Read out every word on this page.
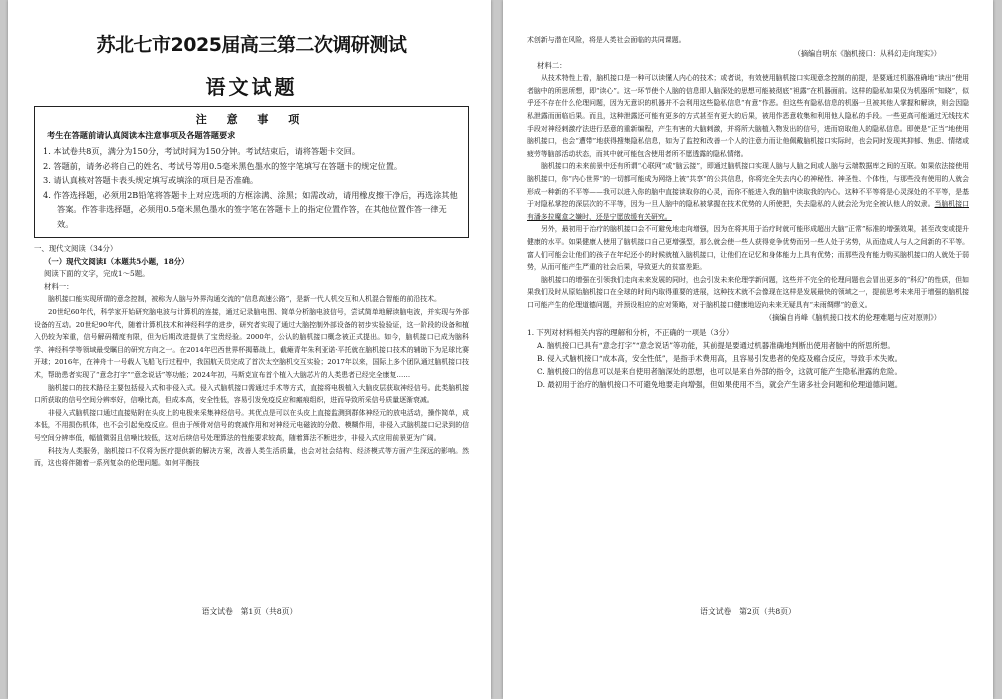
苏北七市2025届高三第二次调研测试
语文试题
注 意 事 项
考生在答题前请认真阅读本注意事项及各题答题要求
1. 本试卷共8页，满分为150分，考试时间为150分钟。考试结束后，请将答题卡交回。
2. 答题前，请务必将自己的姓名、考试号等用0.5毫米黑色墨水的签字笔填写在答题卡的规定位置。
3. 请认真核对答题卡表头规定填写或填涂的项目是否准确。
4. 作答选择题，必须用2B铅笔将答题卡上对应选项的方框涂满、涂黑；如需改动，请用橡皮擦干净后，再选涂其他答案。作答非选择题，必须用0.5毫米黑色墨水的签字笔在答题卡上的指定位置作答，在其他位置作答一律无效。

一、现代文阅读（34分）

（一）现代文阅读Ⅰ（本题共5小题，18分）

阅读下面的文字，完成1～5题。

材料一：

脑机接口能实现所谓的意念控制，被称为人脑与外界沟通交流的“信息高速公路”，是新一代人机交互和人机混合智能的前沿技术。

20世纪60年代，科学家开始研究脑电波与计算机的连接，通过记录脑电图、简单分析脑电波信号，尝试简单地解读脑电波，并实现与外部设备的互动。20世纪90年代，随着计算机技术和神经科学的进步，研究者实现了通过大脑控制外部设备的初步实验验证，这一阶段的设备和植入仍较为笨重，信号解码精度有限，但为后期改进提供了宝贵经验。2000年，公认的脑机接口概念被正式提出。如今，脑机接口已成为脑科学、神经科学等领域最受瞩目的研究方向之一。在2014年巴西世界杯揭幕战上，截瘫青年朱利亚诺·平托就在脑机接口技术的辅助下为足球比赛开球；2016年，在神舟十一号载人飞船飞行过程中，我国航天员完成了首次太空脑机交互实验；2017年以来，国际上多个团队通过脑机接口技术，帮助患者实现了“意念打字”“意念说话”等功能；2024年初，马斯克宣布首个植入大脑芯片的人类患者已经完全康复……

脑机接口的技术路径主要包括侵入式和非侵入式。侵入式脑机接口需通过手术等方式，直接将电极植入大脑皮层获取神经信号。此类脑机接口所获取的信号空间分辨率好，信噪比高，但成本高，安全性低，容易引发免疫反应和瘢痕组织，进而导致所采信号质量逐渐衰减。

非侵入式脑机接口通过直接贴附在头皮上的电极来采集神经信号。其优点是可以在头皮上直接监测到群体神经元的放电活动，操作简单，成本低，不用损伤机体，也不会引起免疫反应。但由于颅骨对信号的衰减作用和对神经元电磁波的分散、模糊作用，非侵入式脑机接口记录到的信号空间分辨率低，幅值微弱且信噪比较低，这对后续信号处理算法的性能要求较高，随着算法不断进步，非侵入式应用前景更为广阔。

科技为人类服务，脑机接口不仅将为医疗提供新的解决方案，改善人类生活质量，也会对社会结构、经济模式等方面产生深远的影响。然而，这也将伴随着一系列复杂的伦理问题。如何平衡技

语文试卷　第1页（共8页）

术创新与潜在风险，将是人类社会面临的共同课题。

（摘编自明东《脑机接口：从科幻走向现实》）

材料二：

从技术特性上看，脑机接口是一种可以读懂人内心的技术；或者说，有效使用脑机接口实现意念控制的前提，是要通过机器准确地“读出”使用者脑中的所思所想，即“读心”。这一环节使个人脑的信息即人脑深处的思想可能被彻底“袒露”在机器面前。这样的隐私如果仅为机器所“知晓”，似乎还不存在什么伦理问题，因为无意识的机器并不会利用这些隐私信息“有意”作恶。但这些有隐私信息的机器一旦被其他人掌握和解读，则会因隐私泄露而面临后果。而且，这种泄露还可能有更多的方式甚至有更大的后果，被用作恶意收集和利用他人隐私的手段。一些更高可能通过无线技术手段对神经刺激疗法进行恶意的重新编程，产生有害的大脑刺激，并将所大脑植入物发出的信号，进而窃取他人的隐私信息。即使是“正当”地使用脑机接口，也会“遭带”地获得搜集隐私信息，如为了监控和改善一个人的注意力而让他佩戴脑机接口实际时，也会同时发现其抑郁、焦虑、情绪或疲劳等脑部活动状态，而其中就可能包含使用者所不愿透露的隐私情绪。

脑机接口的未来前景中还有所谓“心联网”或“脑云接”，即通过脑机接口实现人脑与人脑之间或人脑与云端数据库之间的互联。如果依法接使用脑机接口，你“内心世界”的一切都可能成为网络上被“共享”的公共信息，你将完全失去内心的神秘性、神圣性、个体性，与那些没有使用的人就会形成一种新的不平等——我可以进入你的脑中直接读取你的心灵，而你不能进入我的脑中读取我的内心。这种不平等将是心灵深处的不平等，是基于对隐私掌控的深层次的不平等，因为一旦人脑中的隐私被掌握在技术优势的人所使把，失去隐私的人就会沦为完全被认他人的奴隶。当脑机接口有潘多拉魔盒之嫌时，还是宁愿放缓有关研究。

另外，最初用于治疗的脑机接口会不可避免地走向增强，因为在将其用于治疗时就可能形成超出大脑“正常”标准的增强效果，甚至改变或提升健康的水平。如果健康人使用了脑机接口自己更增强型，那么就会使一些人获得竞争优势而另一些人处于劣势，从而造成人与人之间新的不平等。富人们可能会让他们的孩子在年纪还小的时候就植入脑机接口，让他们在记忆和身体能力上具有优势；而那些没有能力购买脑机接口的人就处于弱势，从而可能产生严重的社会后果，导致更大的贫富差距。

脑机接口的增强在引领我们走向未来发展的同时，也会引发未来伦理学新问题，这些并不完全的伦理问题也会冒出更多的“科幻”的性质，但如果我们及时从原始脑机接口在全球的时间内取得重要的进展，这种技术就不会像现在这样是发展最快的领域之一，提前思考未来用于增强的脑机接口可能产生的伦理道德问题，并预设相应的应对策略，对于脑机接口健康地迈向未来无疑具有“未雨绸缪”的意义。

（摘编自肖峰《脑机接口技术的伦理难题与应对原则》）

1. 下列对材料相关内容的理解和分析，不正确的一项是（3分）

A. 脑机接口已具有“意念打字”“意念说话”等功能，其前提是要通过机器准确地判断出使用者脑中的所思所想。

B. 侵入式脑机接口“成本高，安全性低”，是指手术费用高，且容易引发患者的免疫及瘢合反应，导致手术失败。

C. 脑机接口的信息可以是来自使用者脑深处的思想，也可以是来自外部的指令，这就可能产生隐私泄露的危险。

D. 最初用于治疗的脑机接口不可避免地要走向增强，但如果使用不当，就会产生诸多社会问题和伦理道德问题。

语文试卷　第2页（共8页）
